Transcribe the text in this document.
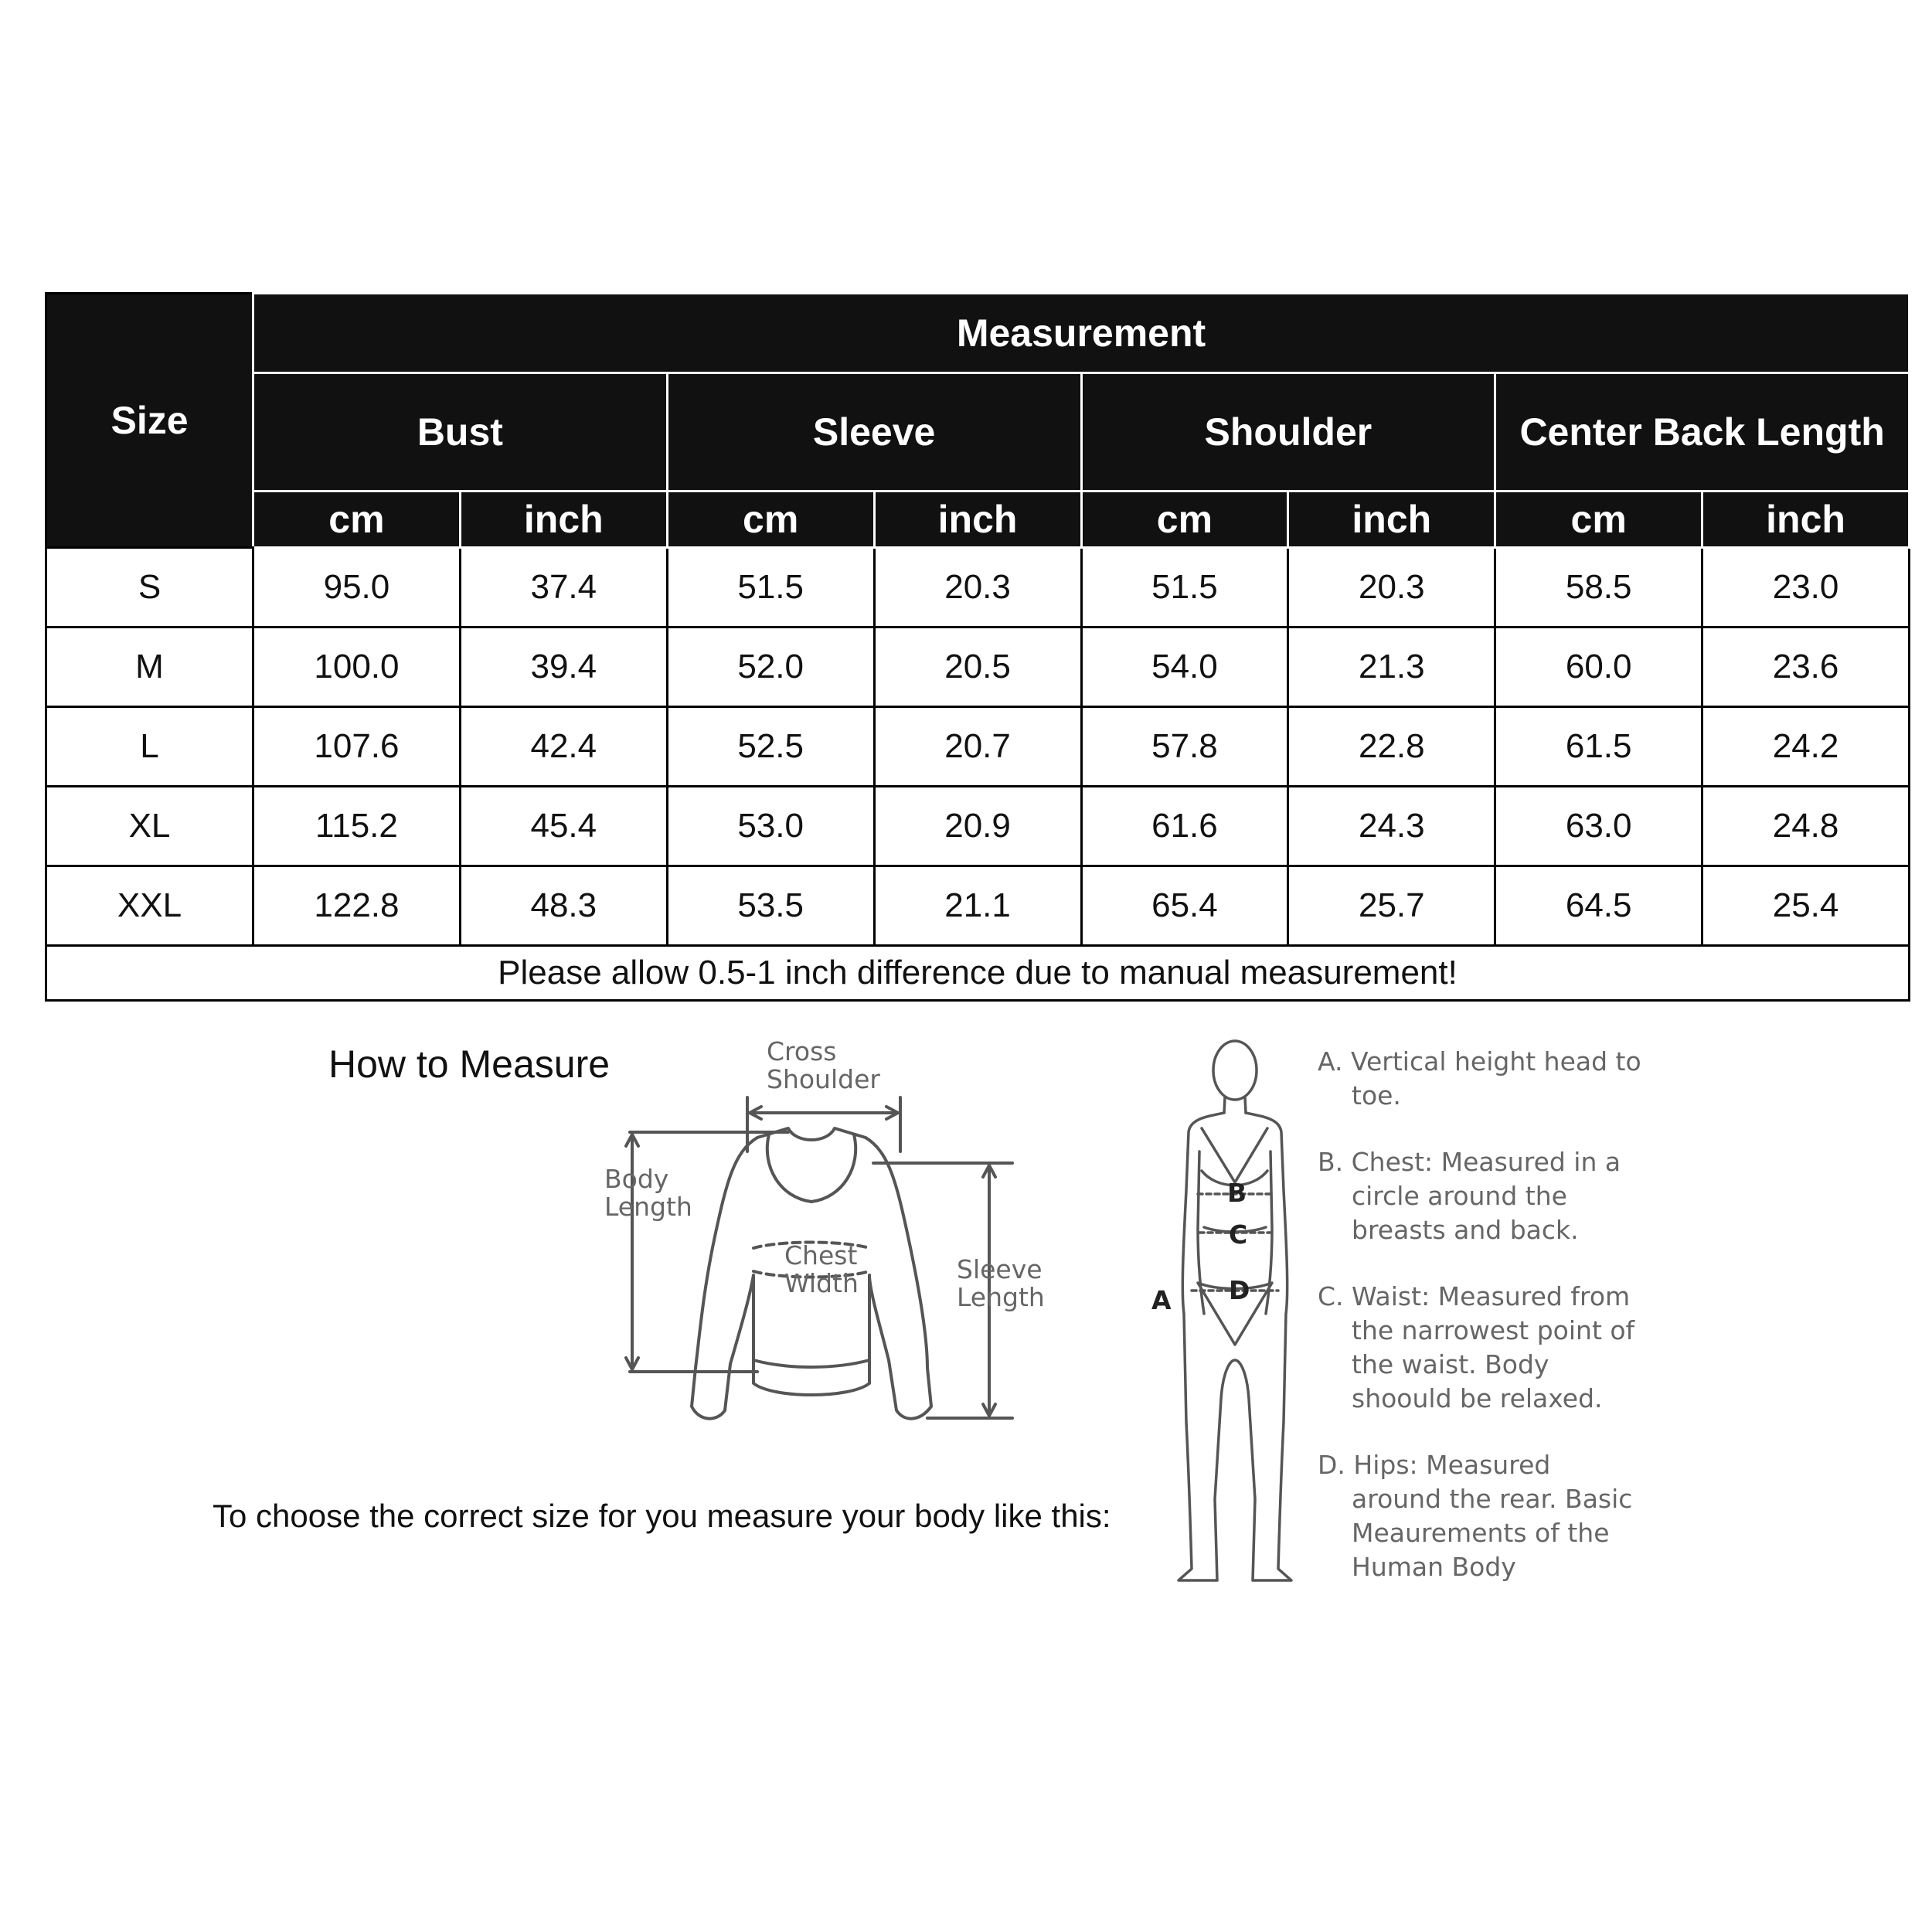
Size	Measurement							
	Bust		Sleeve		Shoulder		Center Back Length	
	cm	inch	cm	inch	cm	inch	cm	inch
S	95.0	37.4	51.5	20.3	51.5	20.3	58.5	23.0
M	100.0	39.4	52.0	20.5	54.0	21.3	60.0	23.6
L	107.6	42.4	52.5	20.7	57.8	22.8	61.5	24.2
XL	115.2	45.4	53.0	20.9	61.6	24.3	63.0	24.8
XXL	122.8	48.3	53.5	21.1	65.4	25.7	64.5	25.4
Please allow 0.5-1 inch difference due to manual measurement!								
How to Measure
To choose the correct size for you measure your body like this:
Cross
Shoulder
Body
Length
Chest
Width	Sleeve
Length
B
C
D
A
A. Vertical height head to toe.
B. Chest: Measured in a circle around the breasts and back.
C. Waist: Measured from the narrowest point of the waist. Body shoould be relaxed.
D. Hips: Measured around the rear. Basic Meaurements of the Human Body
